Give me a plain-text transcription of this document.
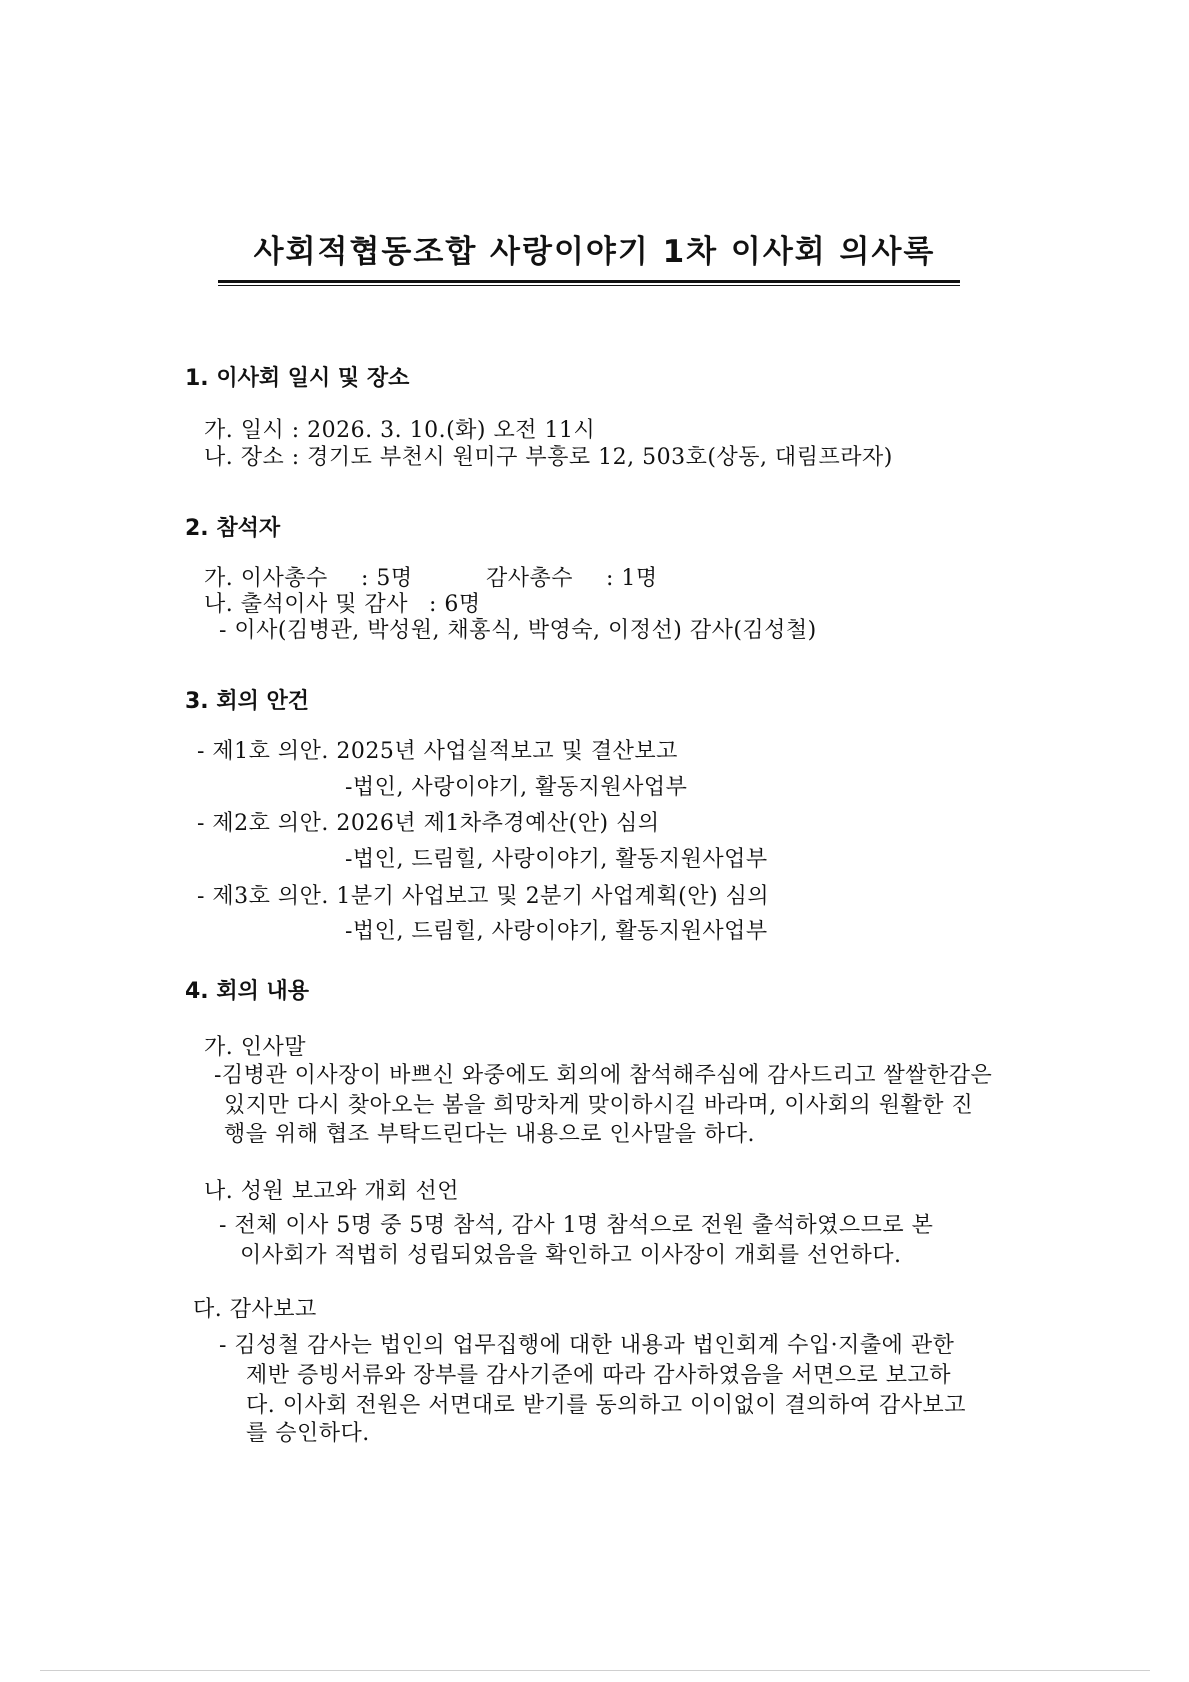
사회적협동조합 사랑이야기 1차 이사회 의사록
1. 이사회 일시 및 장소
가. 일시 : 2026. 3. 10.(화) 오전 11시
나. 장소 : 경기도 부천시 원미구 부흥로 12, 503호(상동, 대림프라자)
2. 참석자
가. 이사총수 : 5명	감사총수 : 1명
나. 출석이사 및 감사 : 6명
- 이사(김병관, 박성원, 채홍식, 박영숙, 이정선) 감사(김성철)
3. 회의 안건
- 제1호 의안. 2025년 사업실적보고 및 결산보고
-법인, 사랑이야기, 활동지원사업부
- 제2호 의안. 2026년 제1차추경예산(안) 심의
-법인, 드림힐, 사랑이야기, 활동지원사업부
- 제3호 의안. 1분기 사업보고 및 2분기 사업계획(안) 심의
-법인, 드림힐, 사랑이야기, 활동지원사업부
4. 회의 내용
가. 인사말
-김병관 이사장이 바쁘신 와중에도 회의에 참석해주심에 감사드리고 쌀쌀한감은
있지만 다시 찾아오는 봄을 희망차게 맞이하시길 바라며, 이사회의 원활한 진
행을 위해 협조 부탁드린다는 내용으로 인사말을 하다.
나. 성원 보고와 개회 선언
- 전체 이사 5명 중 5명 참석, 감사 1명 참석으로 전원 출석하였으므로 본
이사회가 적법히 성립되었음을 확인하고 이사장이 개회를 선언하다.
다. 감사보고
- 김성철 감사는 법인의 업무집행에 대한 내용과 법인회계 수입·지출에 관한
제반 증빙서류와 장부를 감사기준에 따라 감사하였음을 서면으로 보고하
다. 이사회 전원은 서면대로 받기를 동의하고 이이없이 결의하여 감사보고
를 승인하다.
